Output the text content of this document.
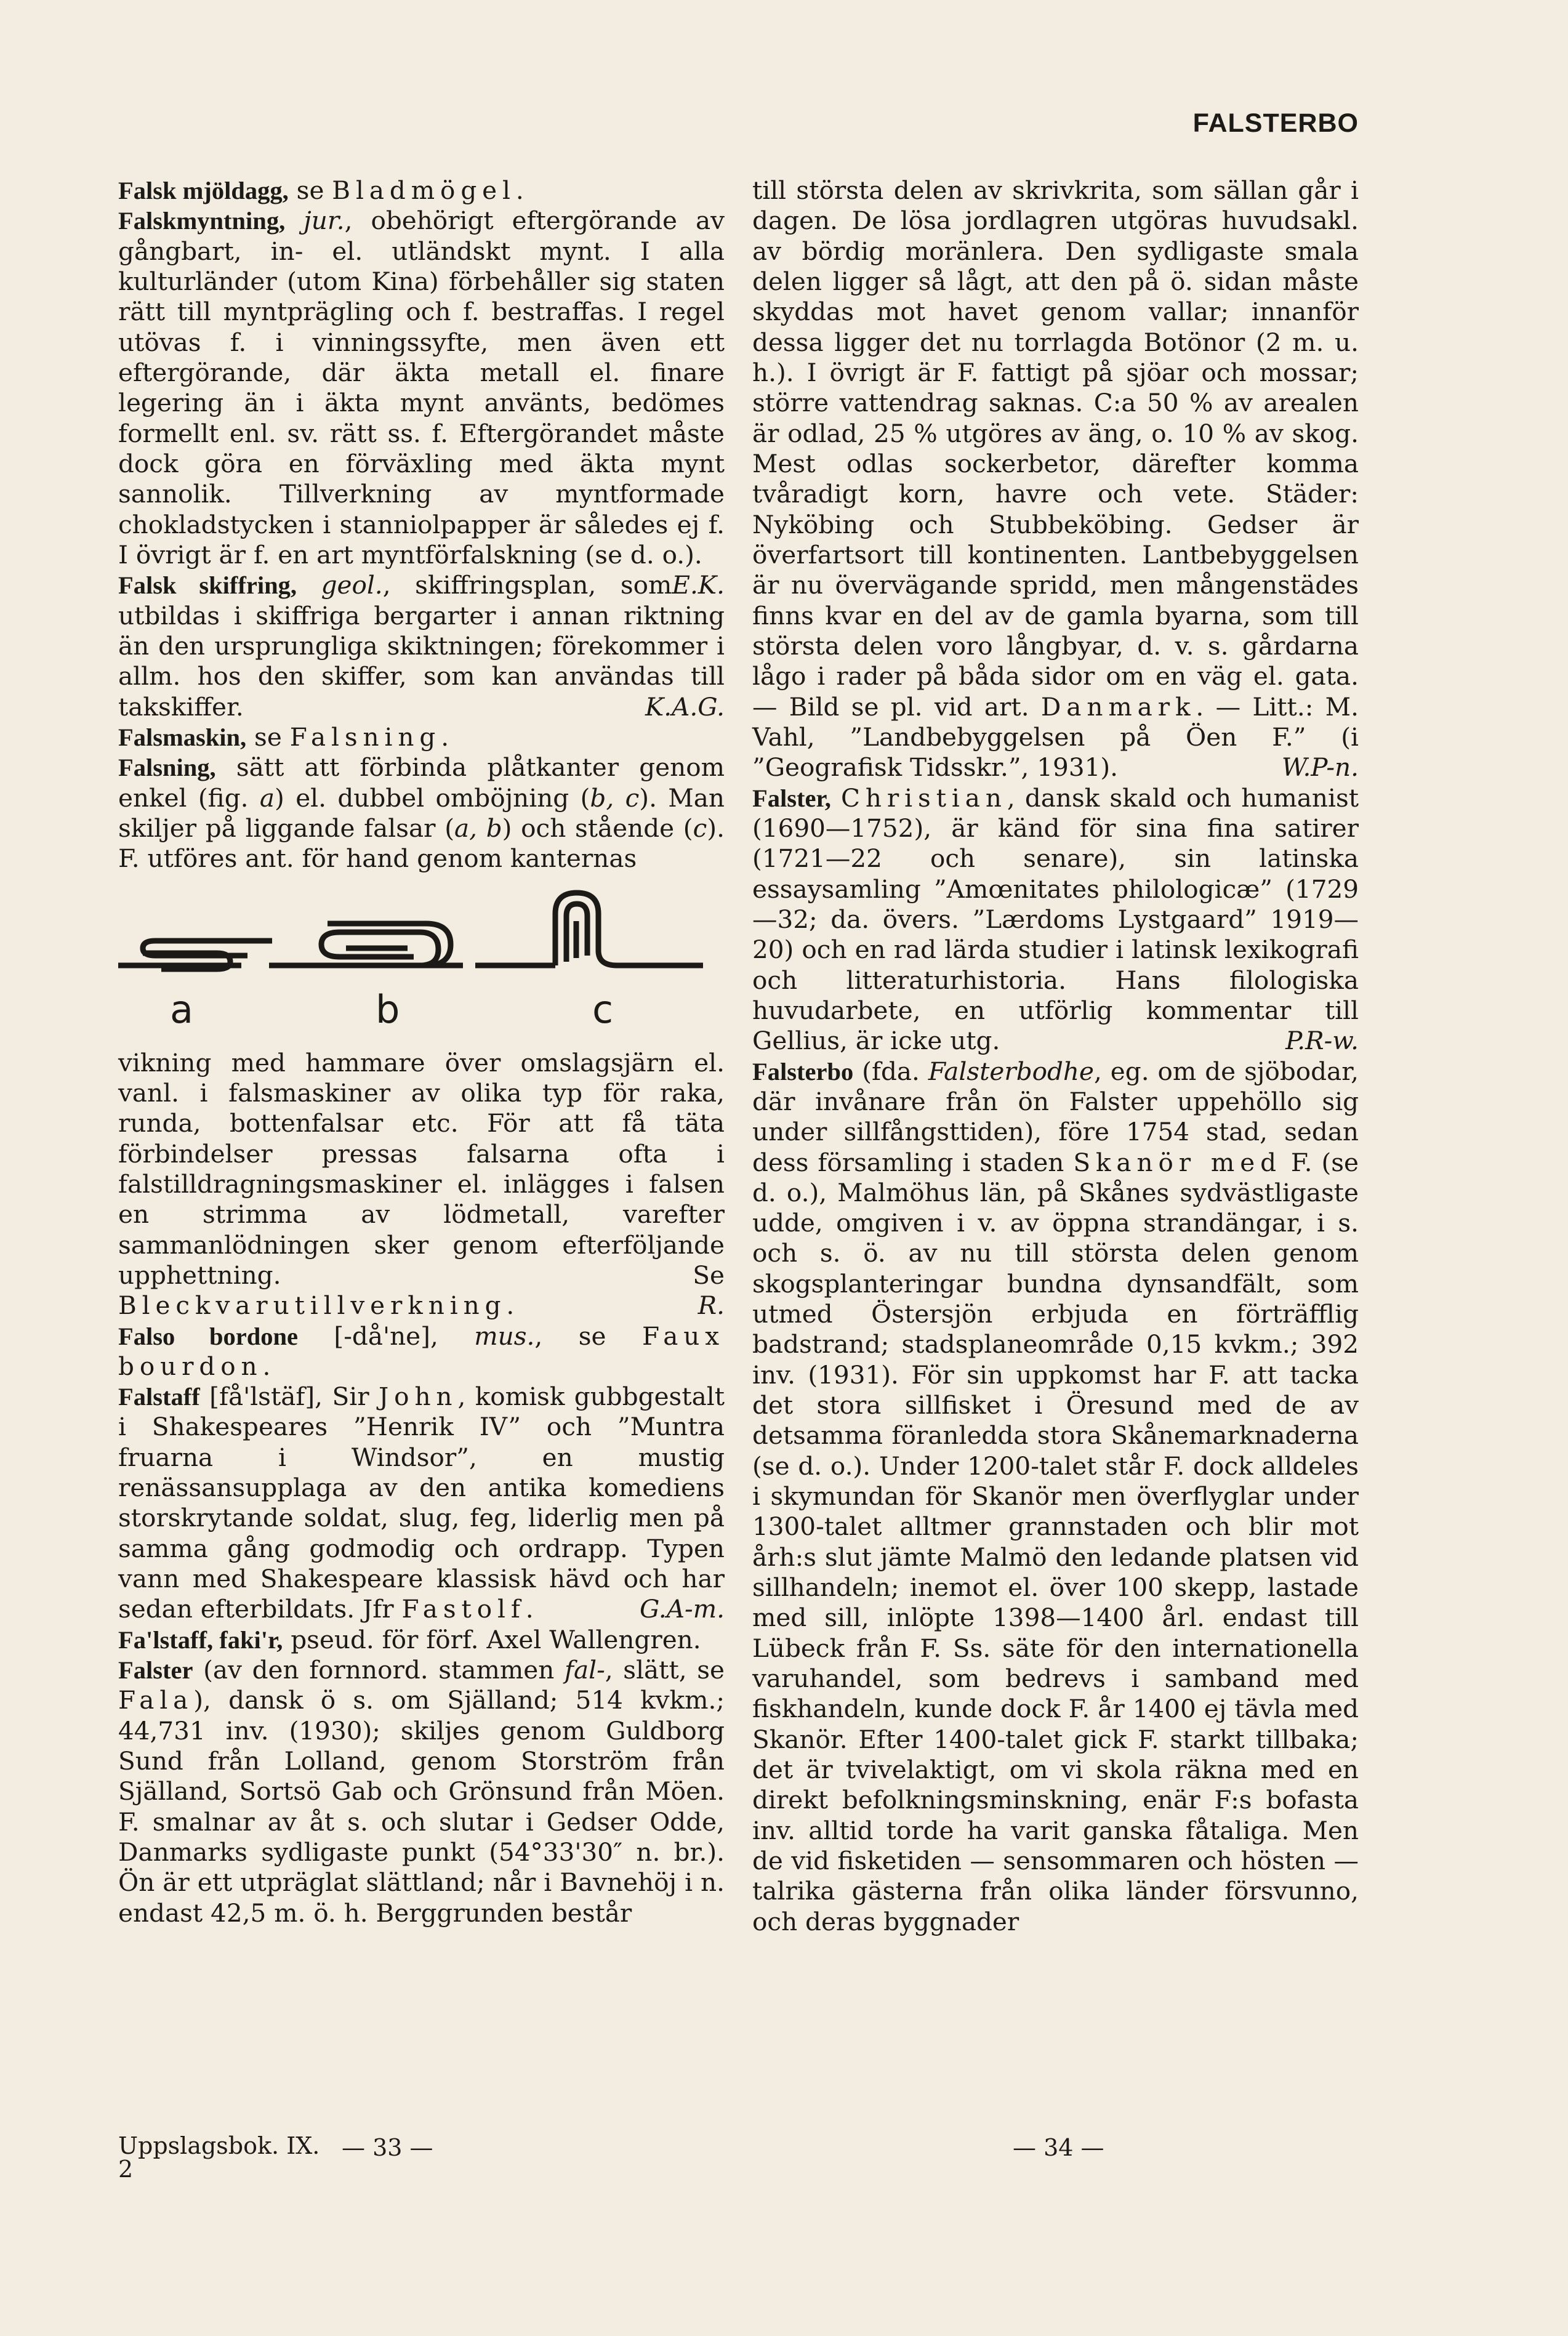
FALSTERBO

Falsk mjöldagg, se Bladmögel.

Falskmyntning, jur., obehörigt eftergörande av gångbart, in- el. utländskt mynt. I alla kulturländer (utom Kina) förbehåller sig staten rätt till myntprägling och f. bestraffas. I regel utövas f. i vinningssyfte, men även ett eftergörande, där äkta metall el. finare legering än i äkta mynt använts, bedömes formellt enl. sv. rätt ss. f. Eftergörandet måste dock göra en förväxling med äkta mynt sannolik. Tillverkning av myntformade chokladstycken i stanniolpapper är således ej f. I övrigt är f. en art myntförfalskning (se d. o.).
E.K.

Falsk skiffring, geol., skiffringsplan, som utbildas i skiffriga bergarter i annan riktning än den ursprungliga skiktningen; förekommer i allm. hos den skiffer, som kan användas till takskiffer.	K.A.G.

Falsmaskin, se Falsning.

Falsning, sätt att förbinda plåtkanter genom enkel (fig. a) el. dubbel omböjning (b, c). Man skiljer på liggande falsar (a, b) och stående (c). F. utföres ant. för hand genom kanternas

a	b	c

vikning med hammare över omslagsjärn el. vanl. i falsmaskiner av olika typ för raka, runda, bottenfalsar etc. För att få täta förbindelser pressas falsarna ofta i falstilldragningsmaskiner el. inlägges i falsen en strimma av lödmetall, varefter sammanlödningen sker genom efterföljande upphettning. Se Bleckvarutillverkning.	R.

Falso bordone [-då'ne], mus., se Faux bourdon.

Falstaff [få'lstäf], Sir John, komisk gubbgestalt i Shakespeares ”Henrik IV” och ”Muntra fruarna i Windsor”, en mustig renässansupplaga av den antika komediens storskrytande soldat, slug, feg, liderlig men på samma gång godmodig och ordrapp. Typen vann med Shakespeare klassisk hävd och har sedan efterbildats. Jfr Fastolf.	G.A-m.

Fa'lstaff, faki'r, pseud. för förf. Axel Wallengren.

Falster (av den fornnord. stammen fal-, slätt, se Fala), dansk ö s. om Själland; 514 kvkm.; 44,731 inv. (1930); skiljes genom Guldborg Sund från Lolland, genom Storström från Själland, Sortsö Gab och Grönsund från Möen. F. smalnar av åt s. och slutar i Gedser Odde, Danmarks sydligaste punkt (54°33'30″ n. br.). Ön är ett utpräglat slättland; når i Bavnehöj i n. endast 42,5 m. ö. h. Berggrunden består

till största delen av skrivkrita, som sällan går i dagen. De lösa jordlagren utgöras huvudsakl. av bördig moränlera. Den sydligaste smala delen ligger så lågt, att den på ö. sidan måste skyddas mot havet genom vallar; innanför dessa ligger det nu torrlagda Botönor (2 m. u. h.). I övrigt är F. fattigt på sjöar och mossar; större vattendrag saknas. C:a 50 % av arealen är odlad, 25 % utgöres av äng, o. 10 % av skog. Mest odlas sockerbetor, därefter komma tvåradigt korn, havre och vete. Städer: Nyköbing och Stubbeköbing. Gedser är överfartsort till kontinenten. Lantbebyggelsen är nu övervägande spridd, men mångenstädes finns kvar en del av de gamla byarna, som till största delen voro långbyar, d. v. s. gårdarna lågo i rader på båda sidor om en väg el. gata. — Bild se pl. vid art. Danmark. — Litt.: M. Vahl, ”Landbebyggelsen på Öen F.” (i ”Geografisk Tidsskr.”, 1931).	W.P-n.

Falster, Christian, dansk skald och humanist (1690—1752), är känd för sina fina satirer (1721—22 och senare), sin latinska essaysamling ”Amœnitates philologicæ” (1729—32; da. övers. ”Lærdoms Lystgaard” 1919—20) och en rad lärda studier i latinsk lexikografi och litteraturhistoria. Hans filologiska huvudarbete, en utförlig kommentar till Gellius, är icke utg.	P.R-w.

Falsterbo (fda. Falsterbodhe, eg. om de sjöbodar, där invånare från ön Falster uppehöllo sig under sillfångsttiden), före 1754 stad, sedan dess församling i staden Skanör med F. (se d. o.), Malmöhus län, på Skånes sydvästligaste udde, omgiven i v. av öppna strandängar, i s. och s. ö. av nu till största delen genom skogsplanteringar bundna dynsandfält, som utmed Östersjön erbjuda en förträfflig badstrand; stadsplaneområde 0,15 kvkm.; 392 inv. (1931). För sin uppkomst har F. att tacka det stora sillfisket i Öresund med de av detsamma föranledda stora Skånemarknaderna (se d. o.). Under 1200-talet står F. dock alldeles i skymundan för Skanör men överflyglar under 1300-talet alltmer grannstaden och blir mot årh:s slut jämte Malmö den ledande platsen vid sillhandeln; inemot el. över 100 skepp, lastade med sill, inlöpte 1398—1400 årl. endast till Lübeck från F. Ss. säte för den internationella varuhandel, som bedrevs i samband med fiskhandeln, kunde dock F. år 1400 ej tävla med Skanör. Efter 1400-talet gick F. starkt tillbaka; det är tvivelaktigt, om vi skola räkna med en direkt befolkningsminskning, enär F:s bofasta inv. alltid torde ha varit ganska fåtaliga. Men de vid fisketiden — sensommaren och hösten — talrika gästerna från olika länder försvunno, och deras byggnader

Uppslagsbok. IX.
2
— 33 —	— 34 —
